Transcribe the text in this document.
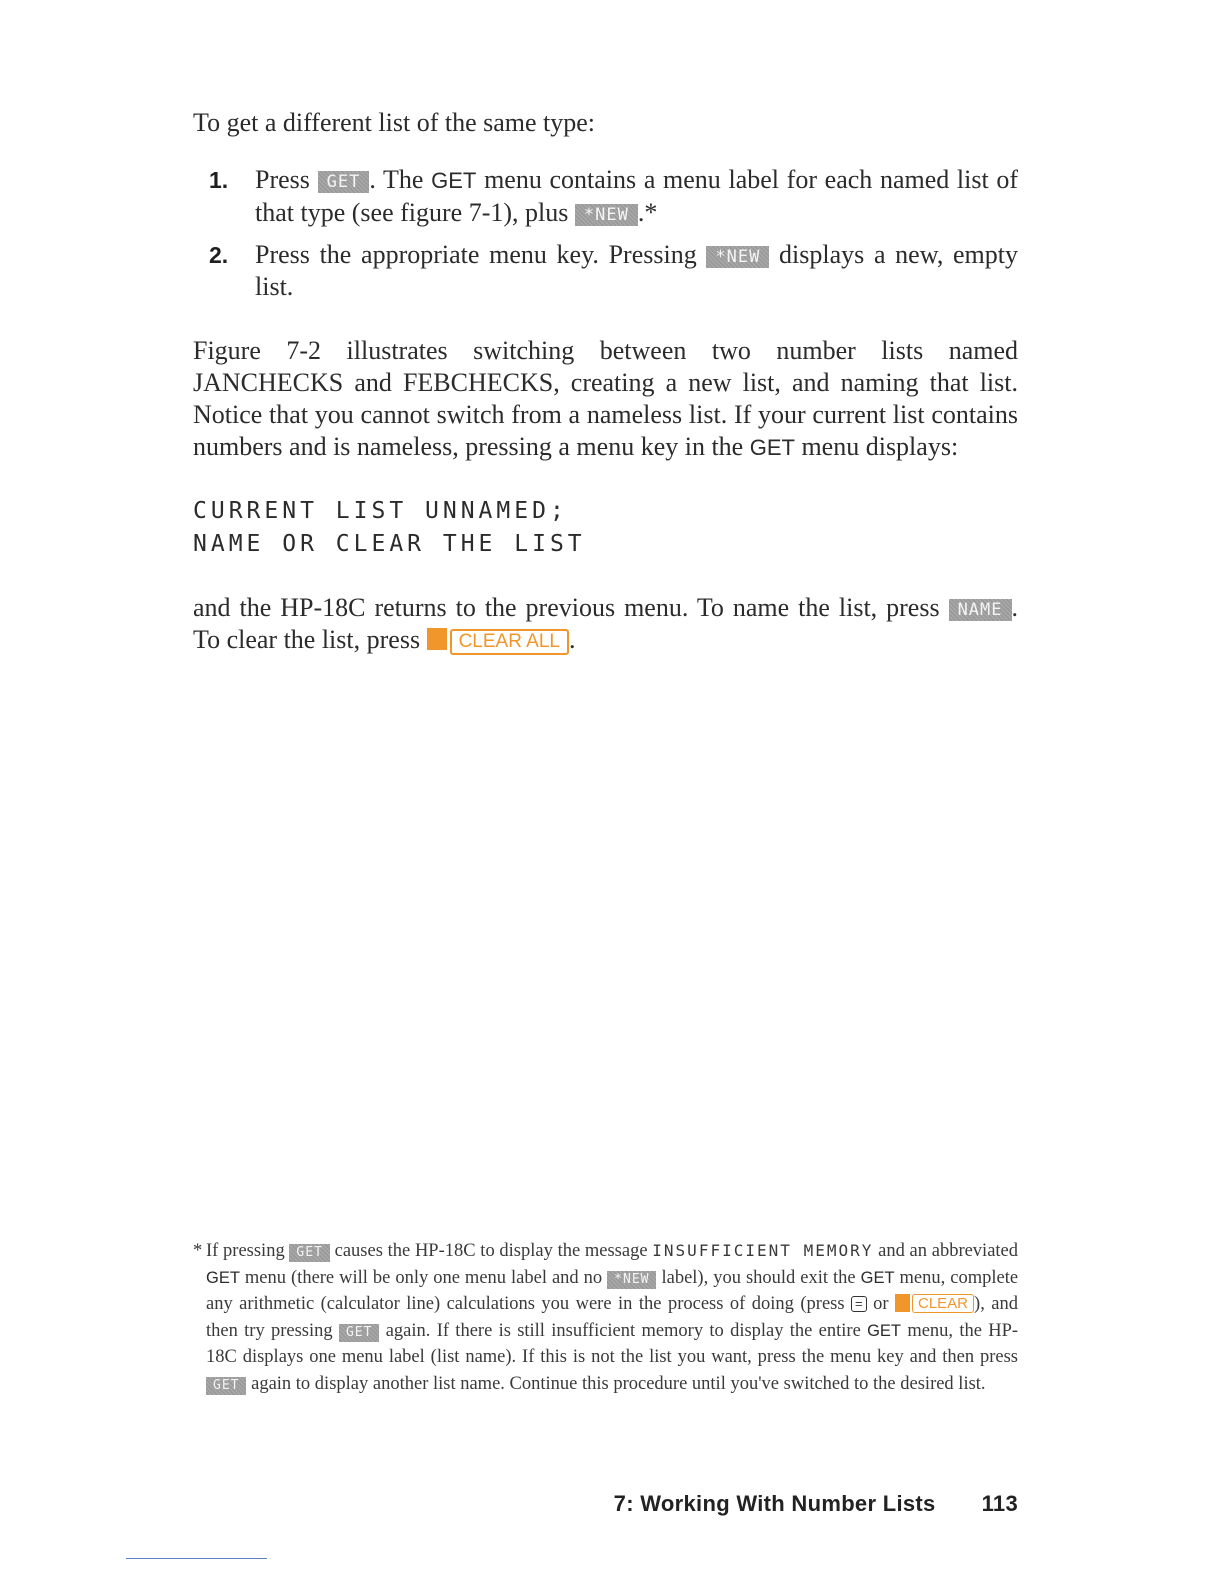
To get a different list of the same type:

1. Press GET . The GET menu contains a menu label for each named list of that type (see figure 7-1), plus *NEW .*
2. Press the appropriate menu key. Pressing *NEW displays a new, empty list.

Figure 7-2 illustrates switching between two number lists named JANCHECKS and FEBCHECKS, creating a new list, and naming that list. Notice that you cannot switch from a nameless list. If your current list contains numbers and is nameless, pressing a menu key in the GET menu displays:

CURRENT LIST UNNAMED;
NAME OR CLEAR THE LIST

and the HP-18C returns to the previous menu. To name the list, press NAME . To clear the list, press CLEAR ALL .

* If pressing GET causes the HP-18C to display the message INSUFFICIENT MEMORY and an abbreviated GET menu (there will be only one menu label and no *NEW label), you should exit the GET menu, complete any arithmetic (calculator line) calculations you were in the process of doing (press = or CLEAR ), and then try pressing GET again. If there is still insufficient memory to display the entire GET menu, the HP-18C displays one menu label (list name). If this is not the list you want, press the menu key and then press GET again to display another list name. Continue this procedure until you've switched to the desired list.
7: Working With Number Lists 113
